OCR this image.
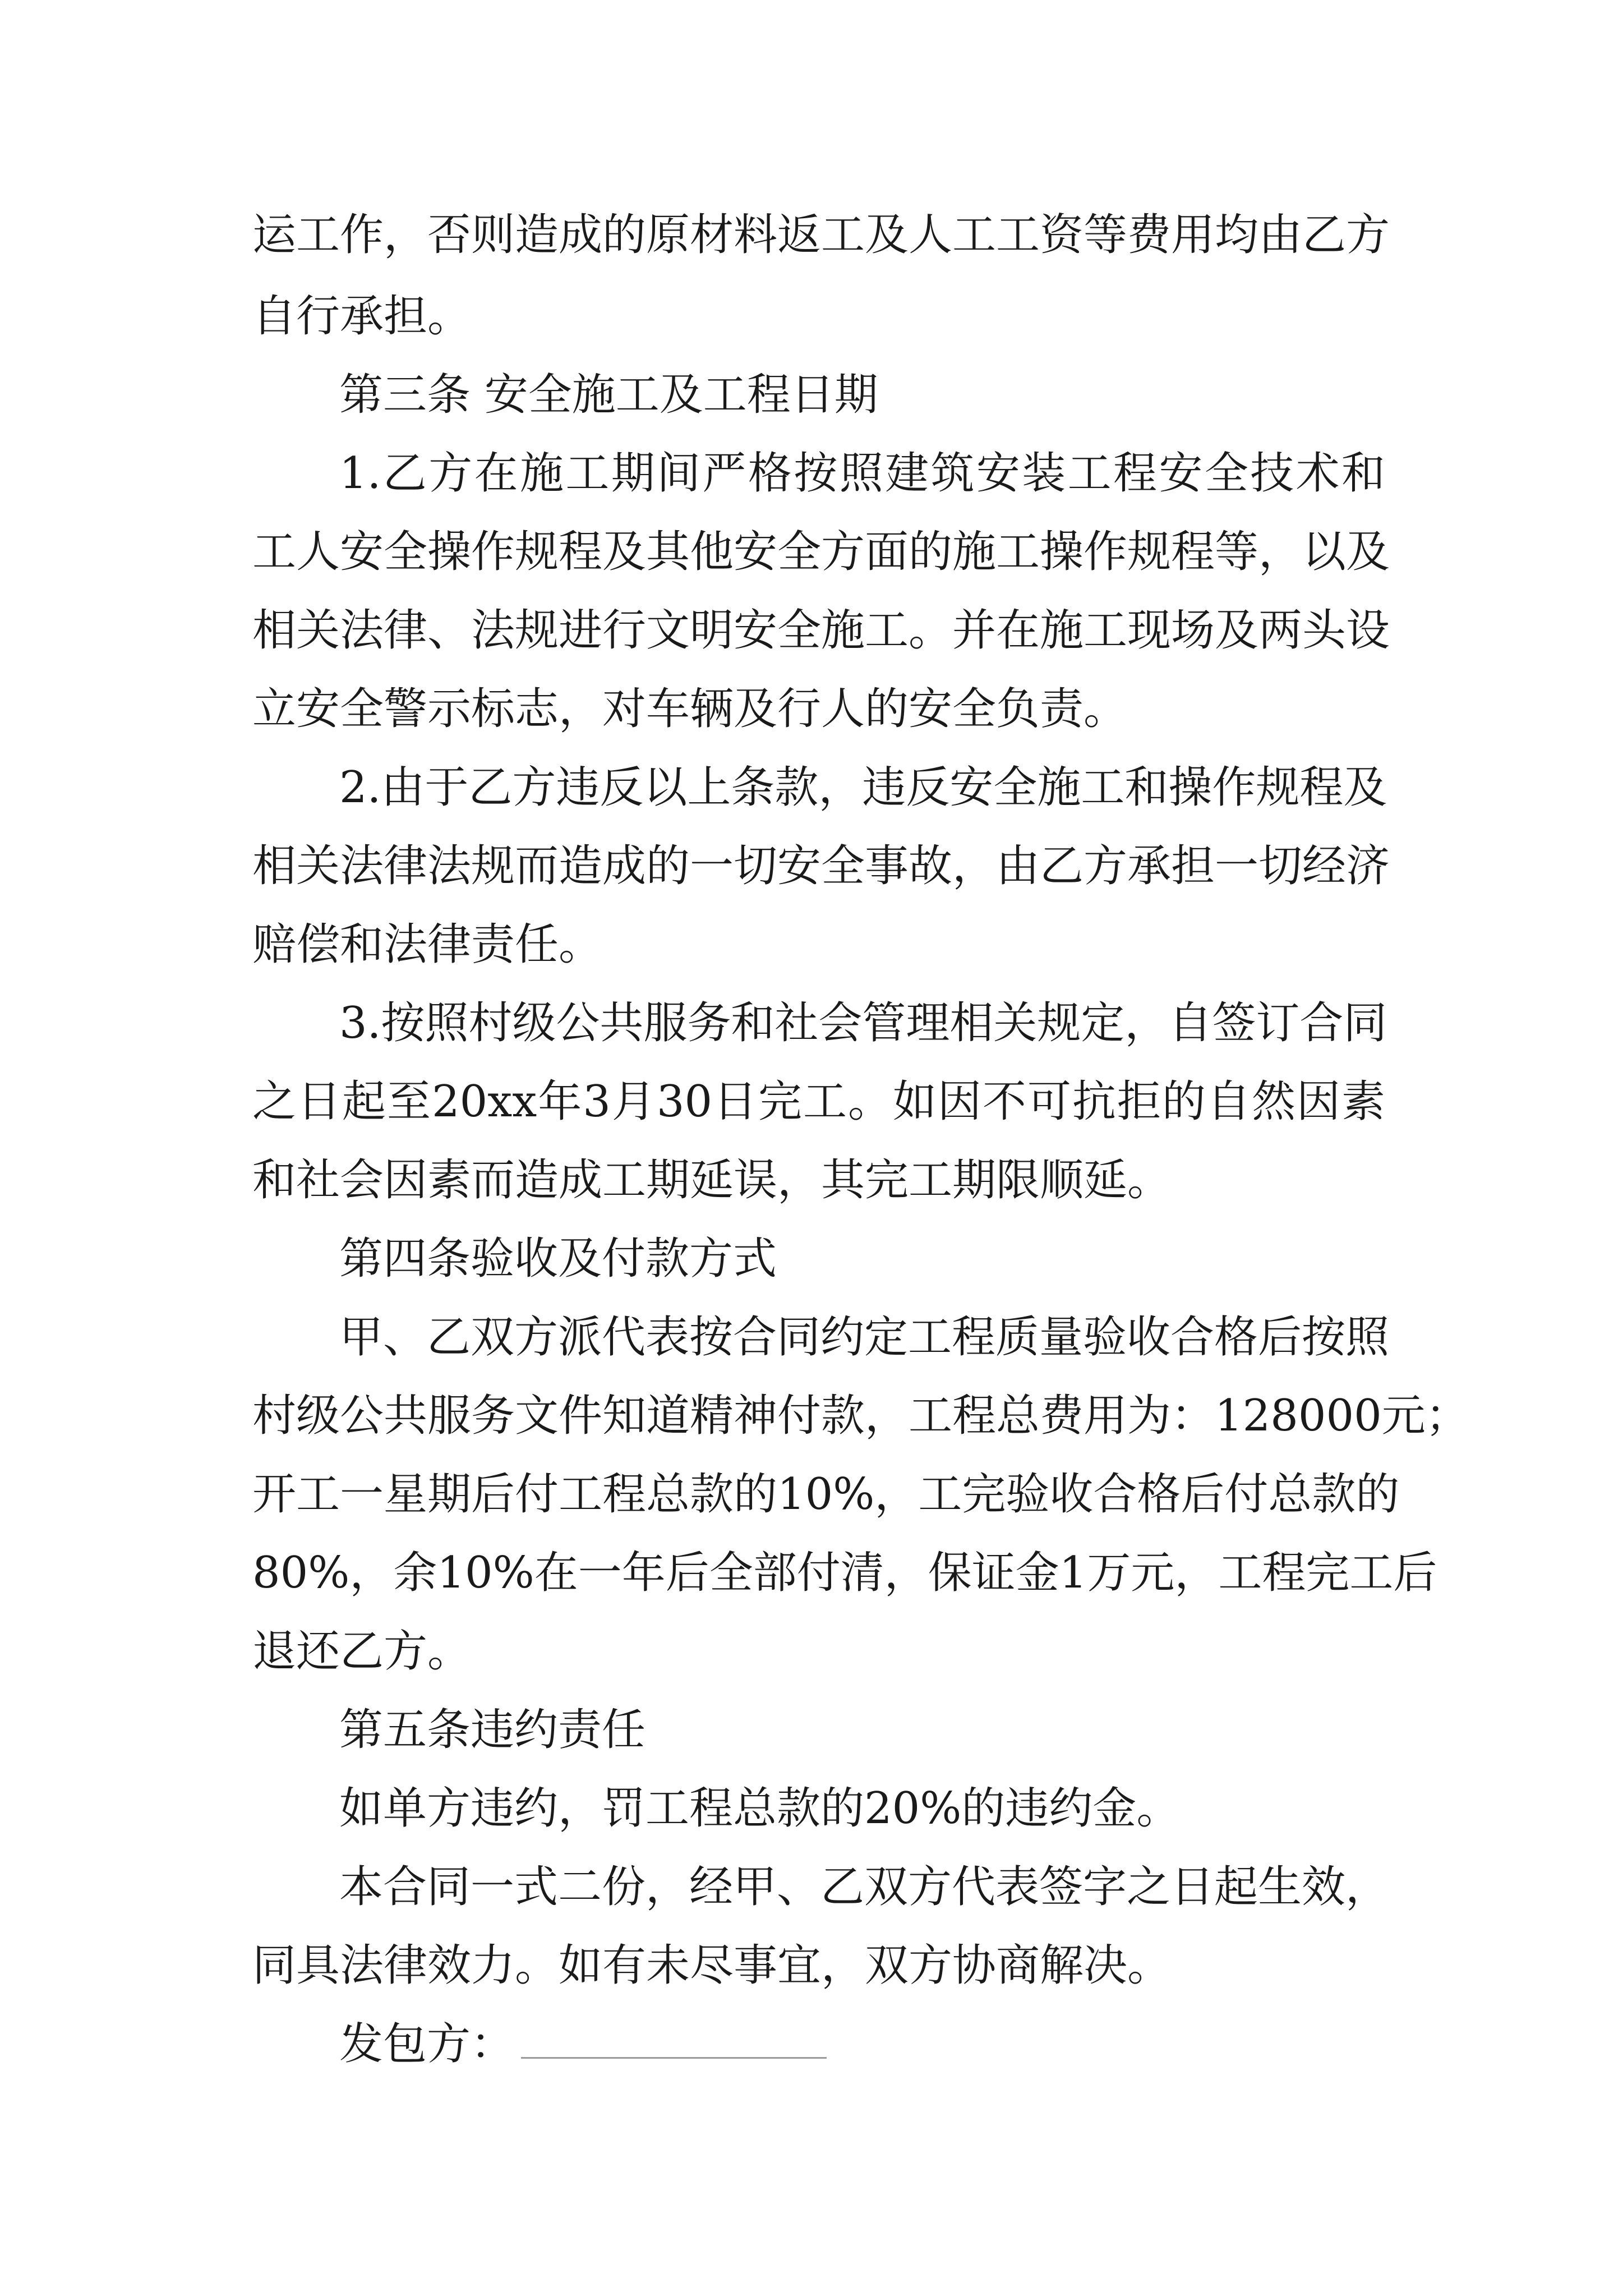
运工作，否则造成的原材料返工及人工工资等费用均由乙方

自行承担。

第三条 安全施工及工程日期

1.乙方在施工期间严格按照建筑安装工程安全技术和

工人安全操作规程及其他安全方面的施工操作规程等，以及

相关法律、法规进行文明安全施工。并在施工现场及两头设

立安全警示标志，对车辆及行人的安全负责。

2.由于乙方违反以上条款，违反安全施工和操作规程及

相关法律法规而造成的一切安全事故，由乙方承担一切经济

赔偿和法律责任。

3.按照村级公共服务和社会管理相关规定，自签订合同

之日起至20xx年3月30日完工。如因不可抗拒的自然因素

和社会因素而造成工期延误，其完工期限顺延。

第四条验收及付款方式

甲、乙双方派代表按合同约定工程质量验收合格后按照

村级公共服务文件知道精神付款，工程总费用为：128000元；

开工一星期后付工程总款的10%，工完验收合格后付总款的

80%，余10%在一年后全部付清，保证金1万元，工程完工后

退还乙方。

第五条违约责任

如单方违约，罚工程总款的20%的违约金。

本合同一式二份，经甲、乙双方代表签字之日起生效，

同具法律效力。如有未尽事宜，双方协商解决。

发包方：
